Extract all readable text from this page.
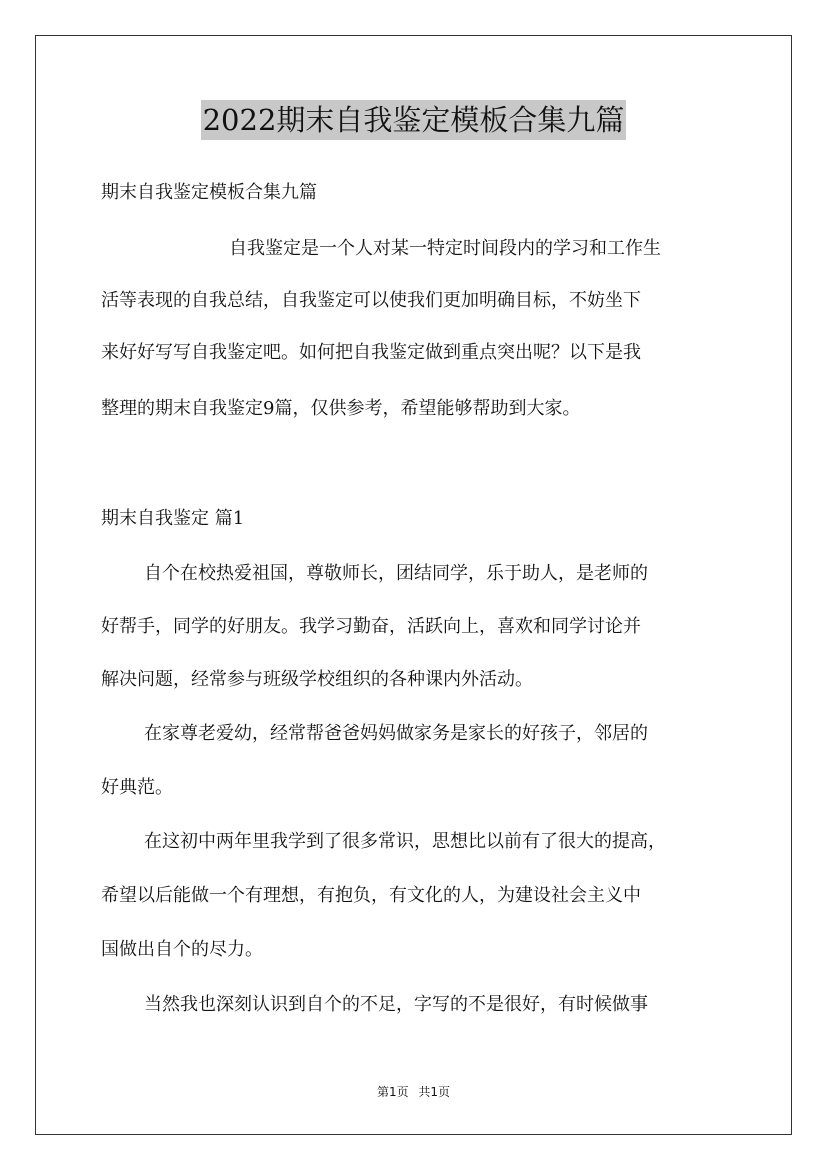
2022期末自我鉴定模板合集九篇
期末自我鉴定模板合集九篇
自我鉴定是一个人对某一特定时间段内的学习和工作生
活等表现的自我总结，自我鉴定可以使我们更加明确目标，不妨坐下
来好好写写自我鉴定吧。如何把自我鉴定做到重点突出呢？以下是我
整理的期末自我鉴定9篇，仅供参考，希望能够帮助到大家。
期末自我鉴定 篇1
自个在校热爱祖国，尊敬师长，团结同学，乐于助人，是老师的
好帮手，同学的好朋友。我学习勤奋，活跃向上，喜欢和同学讨论并
解决问题，经常参与班级学校组织的各种课内外活动。
在家尊老爱幼，经常帮爸爸妈妈做家务是家长的好孩子，邻居的
好典范。
在这初中两年里我学到了很多常识，思想比以前有了很大的提高，
希望以后能做一个有理想，有抱负，有文化的人，为建设社会主义中
国做出自个的尽力。
当然我也深刻认识到自个的不足，字写的不是很好，有时候做事
第1页 共1页
